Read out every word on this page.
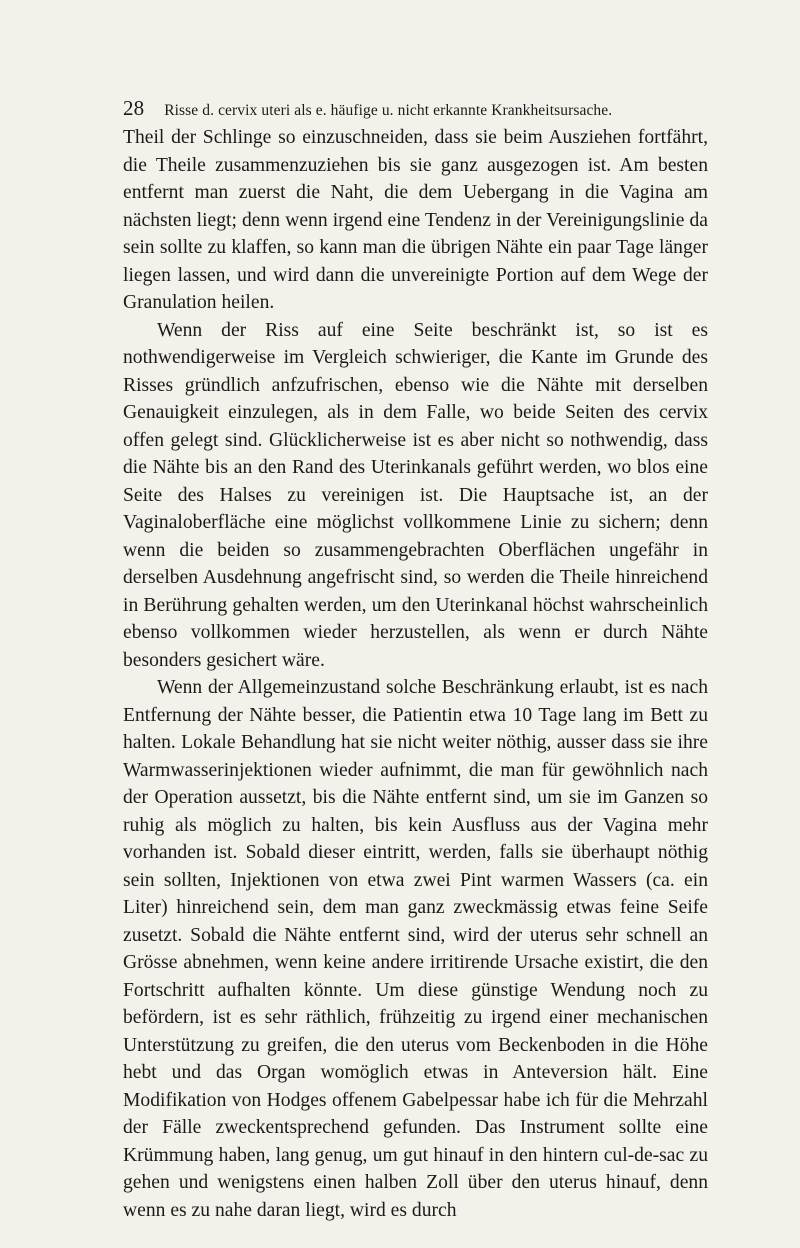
28 Risse d. cervix uteri als e. häufige u. nicht erkannte Krankheitsursache.

Theil der Schlinge so einzuschneiden, dass sie beim Ausziehen fortfährt, die Theile zusammenzuziehen bis sie ganz ausgezogen ist. Am besten entfernt man zuerst die Naht, die dem Uebergang in die Vagina am nächsten liegt; denn wenn irgend eine Tendenz in der Vereinigungslinie da sein sollte zu klaffen, so kann man die übrigen Nähte ein paar Tage länger liegen lassen, und wird dann die unvereinigte Portion auf dem Wege der Granulation heilen.

Wenn der Riss auf eine Seite beschränkt ist, so ist es nothwendigerweise im Vergleich schwieriger, die Kante im Grunde des Risses gründlich anfzufrischen, ebenso wie die Nähte mit derselben Genauigkeit einzulegen, als in dem Falle, wo beide Seiten des cervix offen gelegt sind. Glücklicherweise ist es aber nicht so nothwendig, dass die Nähte bis an den Rand des Uterinkanals geführt werden, wo blos eine Seite des Halses zu vereinigen ist. Die Hauptsache ist, an der Vaginaloberfläche eine möglichst vollkommene Linie zu sichern; denn wenn die beiden so zusammengebrachten Oberflächen ungefähr in derselben Ausdehnung angefrischt sind, so werden die Theile hinreichend in Berührung gehalten werden, um den Uterinkanal höchst wahrscheinlich ebenso vollkommen wieder herzustellen, als wenn er durch Nähte besonders gesichert wäre.

Wenn der Allgemeinzustand solche Beschränkung erlaubt, ist es nach Entfernung der Nähte besser, die Patientin etwa 10 Tage lang im Bett zu halten. Lokale Behandlung hat sie nicht weiter nöthig, ausser dass sie ihre Warmwasserinjektionen wieder aufnimmt, die man für gewöhnlich nach der Operation aussetzt, bis die Nähte entfernt sind, um sie im Ganzen so ruhig als möglich zu halten, bis kein Ausfluss aus der Vagina mehr vorhanden ist. Sobald dieser eintritt, werden, falls sie überhaupt nöthig sein sollten, Injektionen von etwa zwei Pint warmen Wassers (ca. ein Liter) hinreichend sein, dem man ganz zweckmässig etwas feine Seife zusetzt. Sobald die Nähte entfernt sind, wird der uterus sehr schnell an Grösse abnehmen, wenn keine andere irritirende Ursache existirt, die den Fortschritt aufhalten könnte. Um diese günstige Wendung noch zu befördern, ist es sehr räthlich, frühzeitig zu irgend einer mechanischen Unterstützung zu greifen, die den uterus vom Beckenboden in die Höhe hebt und das Organ womöglich etwas in Anteversion hält. Eine Modifikation von Hodges offenem Gabelpessar habe ich für die Mehrzahl der Fälle zweckentsprechend gefunden. Das Instrument sollte eine Krümmung haben, lang genug, um gut hinauf in den hintern cul-de-sac zu gehen und wenigstens einen halben Zoll über den uterus hinauf, denn wenn es zu nahe daran liegt, wird es durch
